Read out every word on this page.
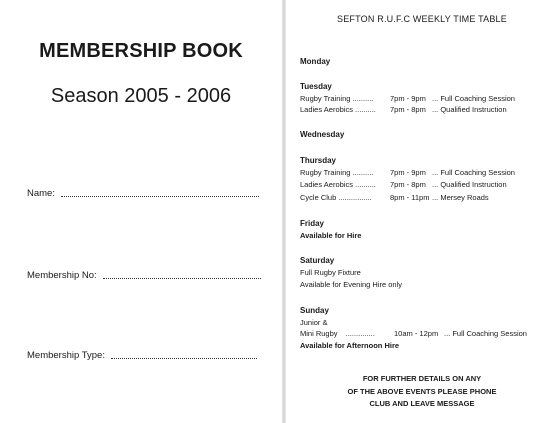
MEMBERSHIP BOOK
Season 2005 - 2006
Name:
Membership No:
Membership Type:
SEFTON R.U.F.C WEEKLY TIME TABLE
Monday
Tuesday
Rugby Training .......... 7pm - 9pm ... Full Coaching Session
Ladies Aerobics .......... 7pm - 8pm ... Qualified Instruction
Wednesday
Thursday
Rugby Training .......... 7pm - 9pm ... Full Coaching Session
Ladies Aerobics .......... 7pm - 8pm ... Qualified Instruction
Cycle Club ................ 8pm - 11pm ... Mersey Roads
Friday
Available for Hire
Saturday
Full Rugby Fixture
Available for Evening Hire only
Sunday
Junior &
Mini Rugby ..............	10am - 12pm ... Full Coaching Session
Available for Afternoon Hire
FOR FURTHER DETAILS ON ANY
OF THE ABOVE EVENTS PLEASE PHONE
CLUB AND LEAVE MESSAGE
